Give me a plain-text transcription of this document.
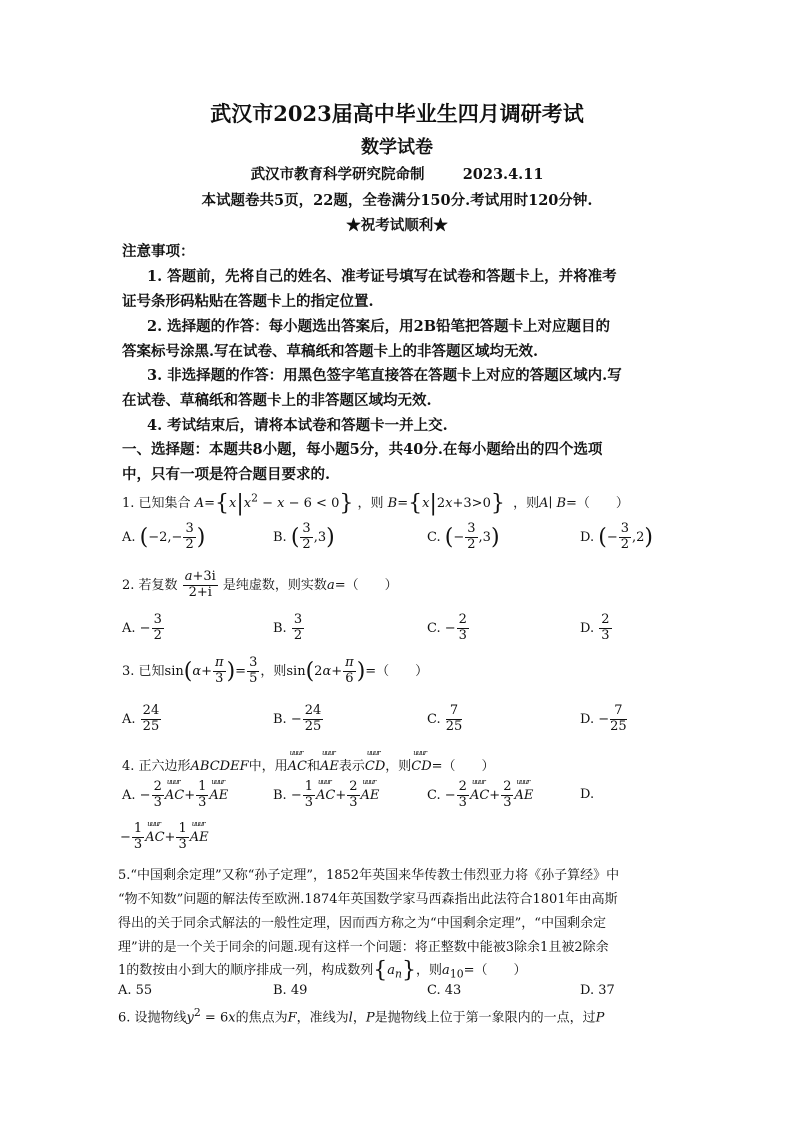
武汉市2023届高中毕业生四月调研考试
数学试卷
武汉市教育科学研究院命制	2023.4.11
本试题卷共5页，22题，全卷满分150分.考试用时120分钟.
★祝考试顺利★
注意事项：
1. 答题前，先将自己的姓名、准考证号填写在试卷和答题卡上，并将准考
证号条形码粘贴在答题卡上的指定位置.
2. 选择题的作答：每小题选出答案后，用2B铅笔把答题卡上对应题目的
答案标号涂黑.写在试卷、草稿纸和答题卡上的非答题区域均无效.
3. 非选择题的作答：用黑色签字笔直接答在答题卡上对应的答题区域内.写
在试卷、草稿纸和答题卡上的非答题区域均无效.
4. 考试结束后，请将本试卷和答题卡一并上交.
一、选择题：本题共8小题，每小题5分，共40分.在每小题给出的四个选项
中，只有一项是符合题目要求的.
1. 已知集合 $A=\{x|x^2 - x - 6 < 0\}$ ，则 B={x|2x+3>0} ，则A∣ B=（　　）
A. ($-2,- \frac{3}{2}$ )	B. ( $\frac{3}{2} ,3$)	C. (− $\frac{3}{2} ,3$)	D. (− $\frac{3}{2} ,2$)
2. 若复数 $\frac{a+3i}{2+i}$ 是纯虚数，则实数a=（　　）
A. − $\frac{3}{2}$	B. $\frac{3}{2}$	C. − $\frac{2}{3}$	D. $\frac{2}{3}$
3. 已知$\sin(\alpha+ \frac{\pi}{3}$ )= $\frac{3}{5}$ ，则$\sin(2\alpha+ \frac{\pi}{6}$ )=（　　）
A. $\frac{24}{25}$	B. − $\frac{24}{25}$	C. $\frac{7}{25}$	D. − $\frac{7}{25}$
4. 正六边形ABCDEF中，用uuur AC和uuur AE表示uuur CD，则uuur CD=（　　）
A. − $\frac{2}{3}$ uuur $AC+ \frac{1}{3}$ uuur AE	B. − $\frac{1}{3}$ uuur $AC+ \frac{2}{3}$ uuur AE	C. − $\frac{2}{3}$ uuur $AC+ \frac{2}{3}$ uuur AE	D.
− $\frac{1}{3}$ uuur $AC+ \frac{1}{3}$ uuur AE
5.“中国剩余定理”又称“孙子定理”，1852年英国来华传教士伟烈亚力将《孙子算经》中
“物不知数”问题的解法传至欧洲.1874年英国数学家马西森指出此法符合1801年由高斯
得出的关于同余式解法的一般性定理，因而西方称之为“中国剩余定理”，“中国剩余定
理”讲的是一个关于同余的问题.现有这样一个问题：将正整数中能被3除余1且被2除余
1的数按由小到大的顺序排成一列，构成数列$\{a_n\}$，则$a_{10}=$（　　）
A. 55	B. 49	C. 43	D. 37
6. 设抛物线$y^2 = 6x$的焦点为F，准线为l，P是抛物线上位于第一象限内的一点，过P
